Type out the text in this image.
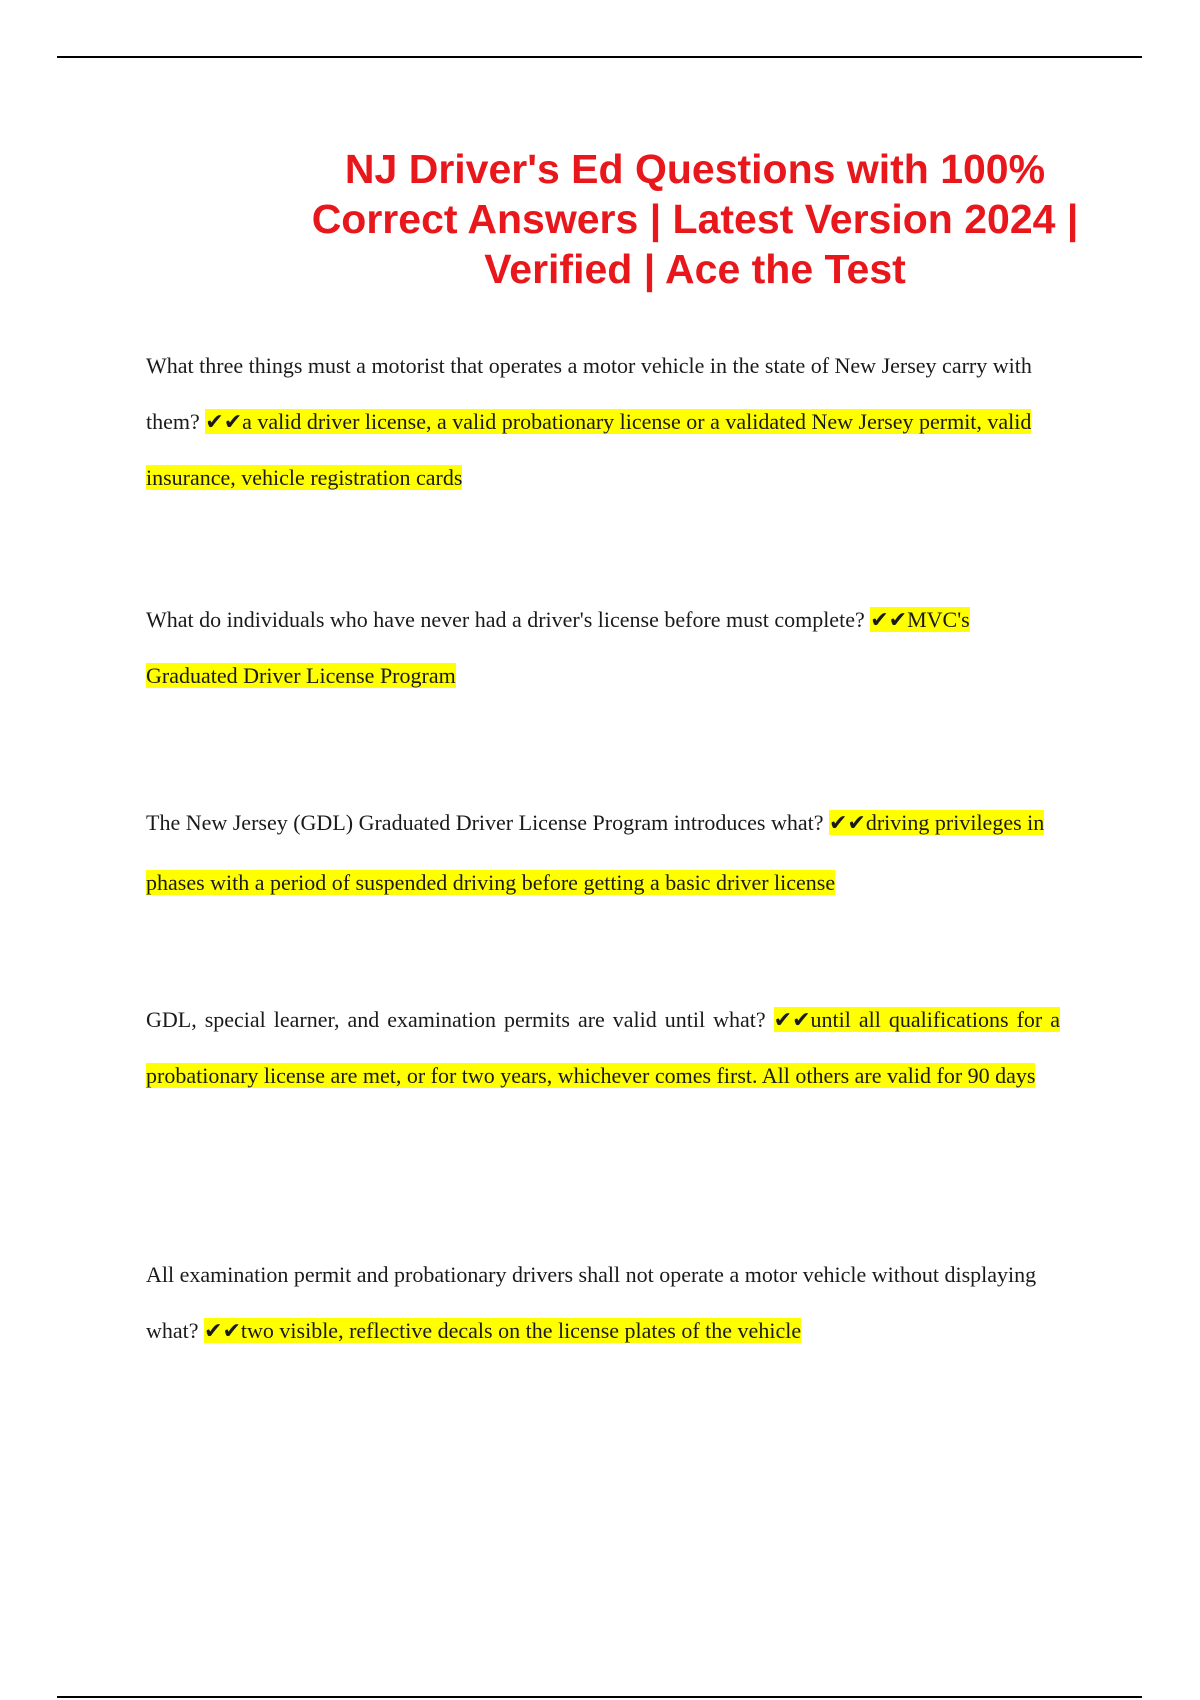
NJ Driver's Ed Questions with 100% Correct Answers | Latest Version 2024 | Verified | Ace the Test

What three things must a motorist that operates a motor vehicle in the state of New Jersey carry with them? ✔✔a valid driver license, a valid probationary license or a validated New Jersey permit, valid insurance, vehicle registration cards

What do individuals who have never had a driver's license before must complete? ✔✔MVC's Graduated Driver License Program

The New Jersey (GDL) Graduated Driver License Program introduces what? ✔✔driving privileges in phases with a period of suspended driving before getting a basic driver license

GDL, special learner, and examination permits are valid until what? ✔✔until all qualifications for a probationary license are met, or for two years, whichever comes first. All others are valid for 90 days

All examination permit and probationary drivers shall not operate a motor vehicle without displaying what? ✔✔two visible, reflective decals on the license plates of the vehicle
